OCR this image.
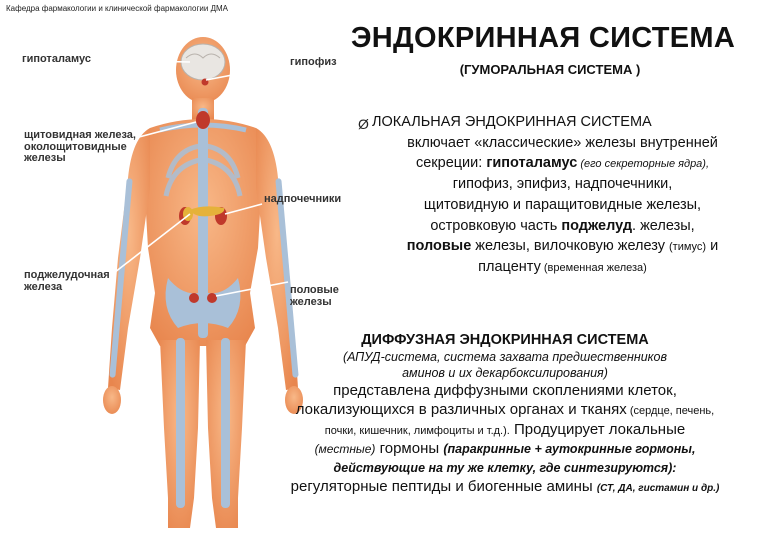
Кафедра фармакологии и клинической фармакологии ДМА
ЭНДОКРИННАЯ СИСТЕМА
(ГУМОРАЛЬНАЯ СИСТЕМА )
гипоталамус	гипофиз
щитовидная железа,
околощитовидные
железы
надпочечники
поджелудочная
железа	половые
железы
Ø ЛОКАЛЬНАЯ ЭНДОКРИННАЯ СИСТЕМА
включает «классические» железы внутренней
секреции: гипоталамус (его секреторные ядра),
гипофиз, эпифиз, надпочечники,
щитовидную и паращитовидные железы,
островковую часть поджелуд. железы,
половые железы, вилочковую железу (тимус) и
плаценту (временная железа)
ДИФФУЗНАЯ ЭНДОКРИННАЯ СИСТЕМА
(АПУД-система, система захвата предшественников
аминов и их декарбоксилирования)
представлена диффузными скоплениями клеток,
локализующихся в различных органах и тканях (сердце, печень,
почки, кишечник, лимфоциты и т.д.). Продуцирует локальные
(местные) гормоны (паракринные + аутокринные гормоны,
действующие на ту же клетку, где синтезируются):
регуляторные пептиды и биогенные амины (СТ, ДА, гистамин и др.)
